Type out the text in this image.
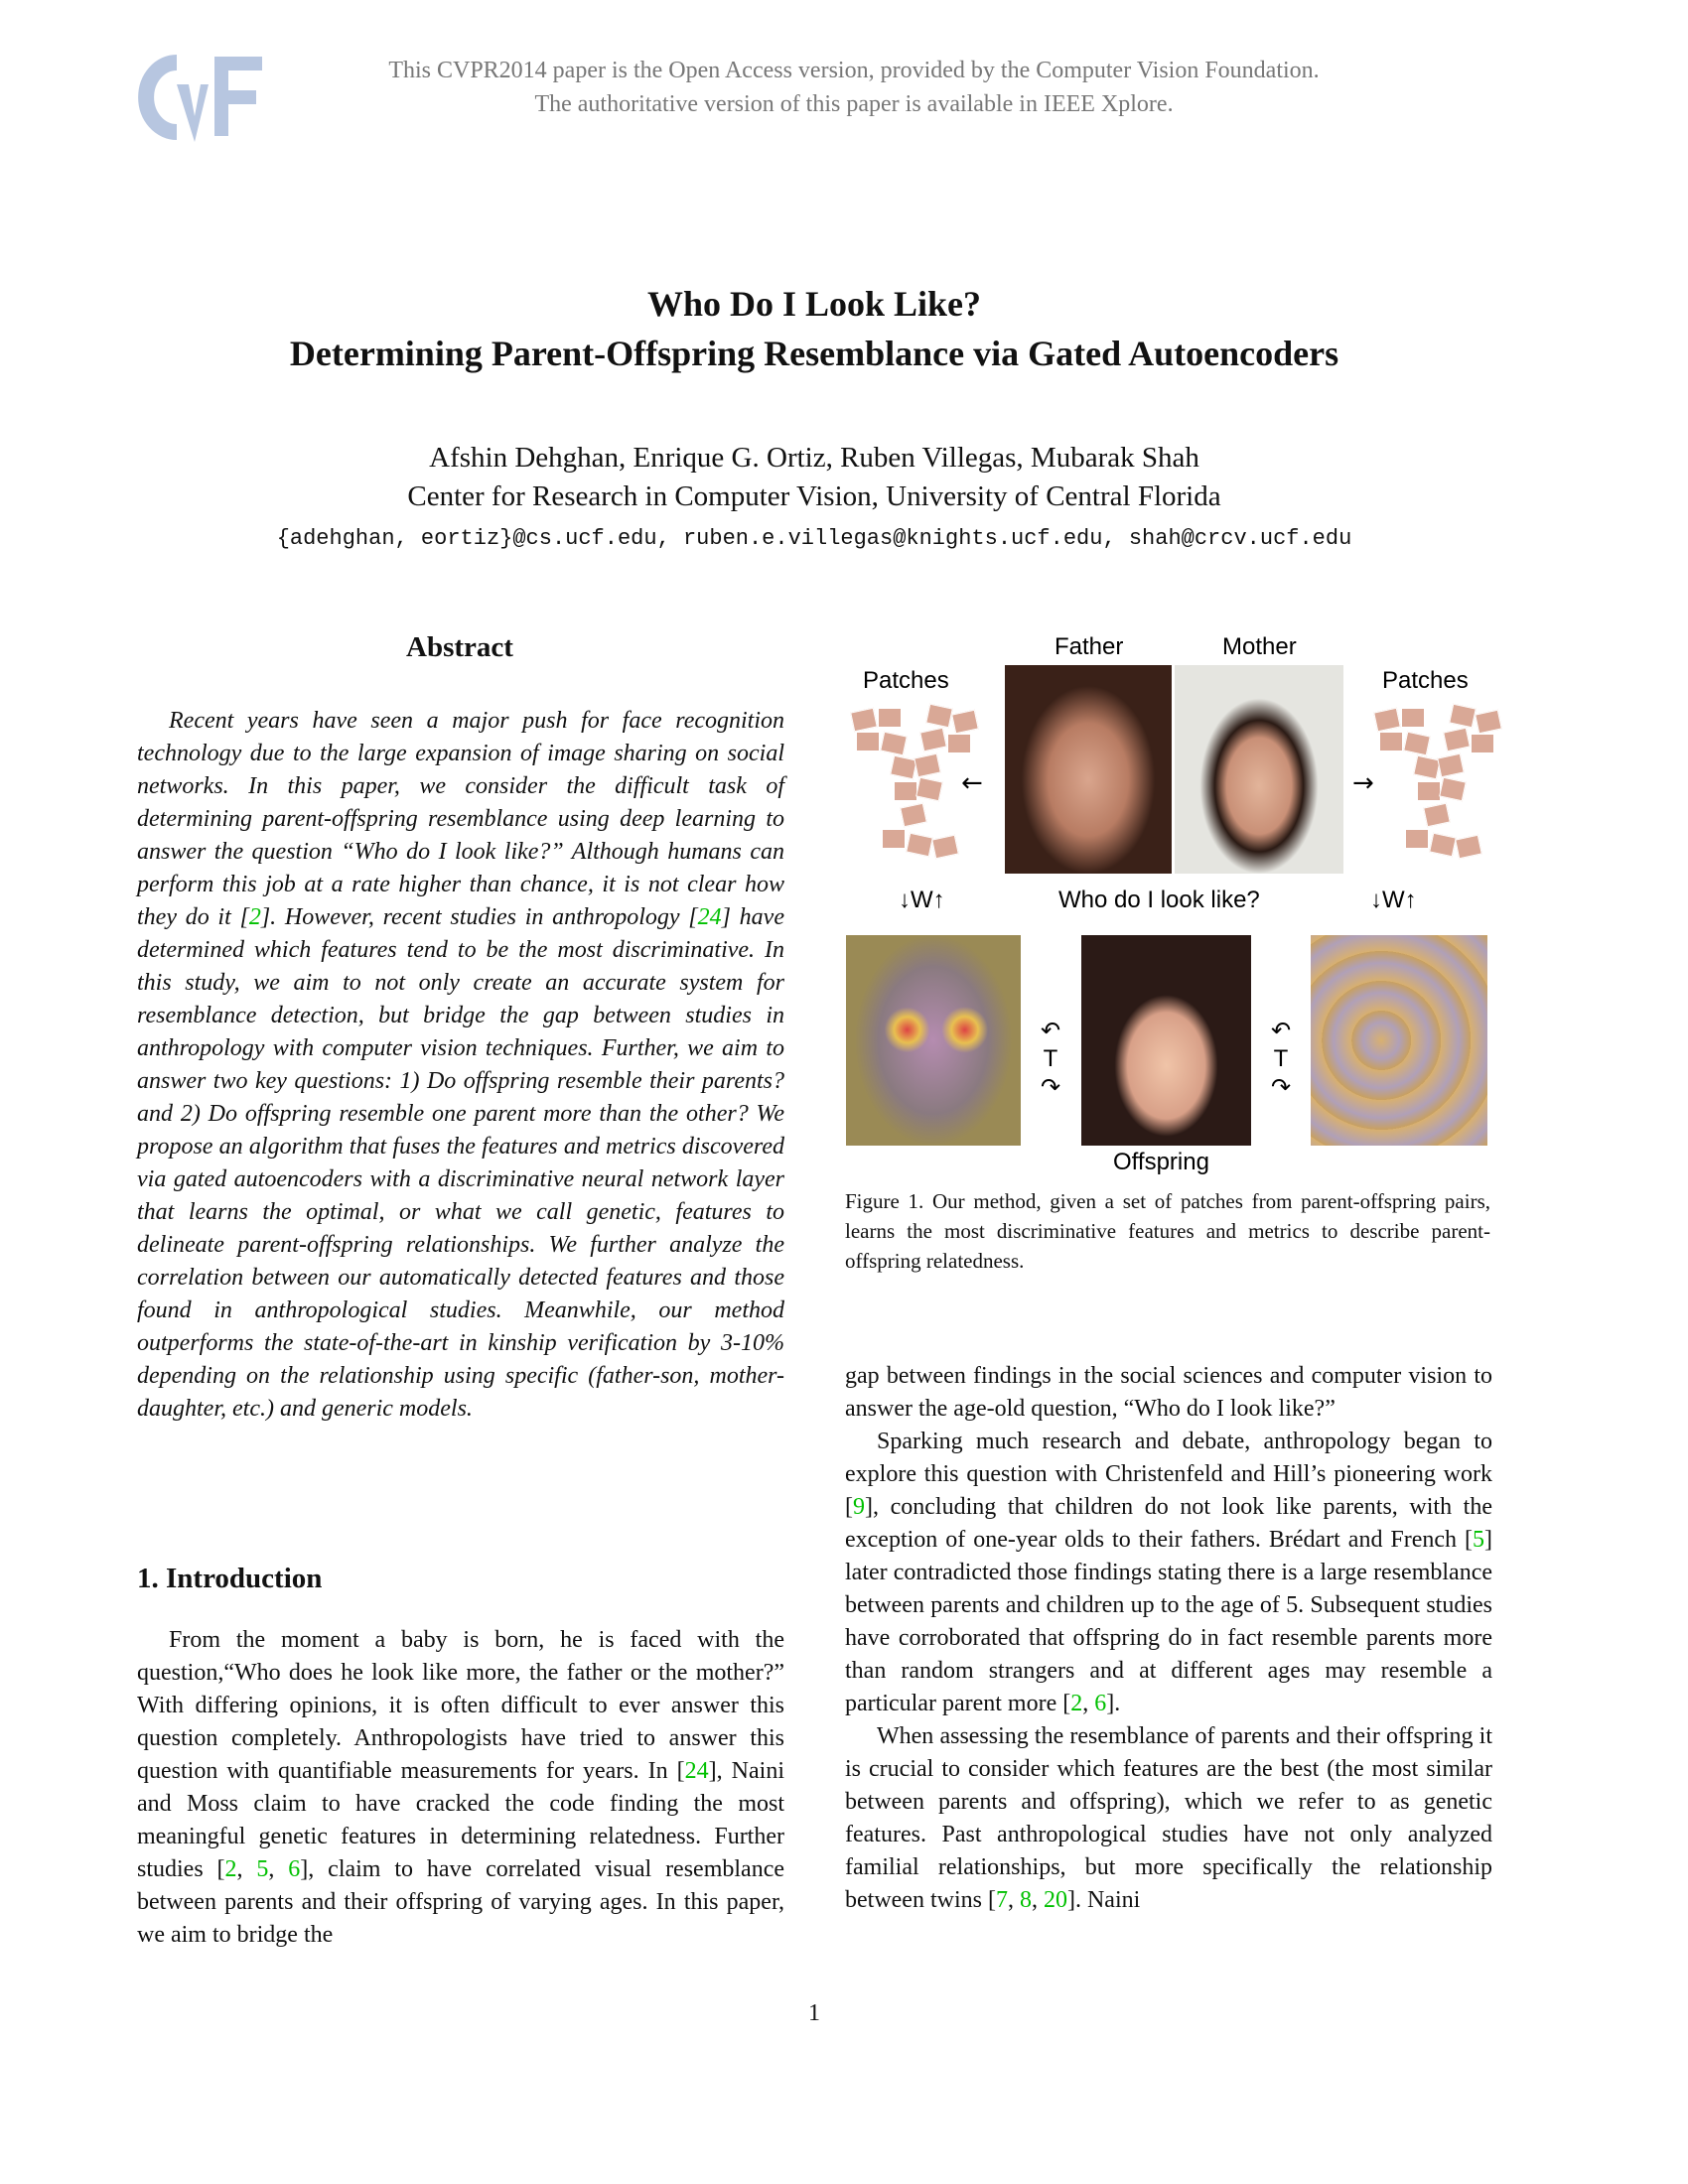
This CVPR2014 paper is the Open Access version, provided by the Computer Vision Foundation.
The authoritative version of this paper is available in IEEE Xplore.
Who Do I Look Like?
Determining Parent-Offspring Resemblance via Gated Autoencoders
Afshin Dehghan, Enrique G. Ortiz, Ruben Villegas, Mubarak Shah
Center for Research in Computer Vision, University of Central Florida
{adehghan, eortiz}@cs.ucf.edu, ruben.e.villegas@knights.ucf.edu, shah@crcv.ucf.edu
Abstract

Recent years have seen a major push for face recognition technology due to the large expansion of image sharing on social networks. In this paper, we consider the difficult task of determining parent-offspring resemblance using deep learning to answer the question “Who do I look like?” Although humans can perform this job at a rate higher than chance, it is not clear how they do it [2]. However, recent studies in anthropology [24] have determined which features tend to be the most discriminative. In this study, we aim to not only create an accurate system for resemblance detection, but bridge the gap between studies in anthropology with computer vision techniques. Further, we aim to answer two key questions: 1) Do offspring resemble their parents? and 2) Do offspring resemble one parent more than the other? We propose an algorithm that fuses the features and metrics discovered via gated autoencoders with a discriminative neural network layer that learns the optimal, or what we call genetic, features to delineate parent-offspring relationships. We further analyze the correlation between our automatically detected features and those found in anthropological studies. Meanwhile, our method outperforms the state-of-the-art in kinship verification by 3-10% depending on the relationship using specific (father-son, mother-daughter, etc.) and generic models.

1. Introduction

From the moment a baby is born, he is faced with the question,“Who does he look like more, the father or the mother?” With differing opinions, it is often difficult to ever answer this question completely. Anthropologists have tried to answer this question with quantifiable measurements for years. In [24], Naini and Moss claim to have cracked the code finding the most meaningful genetic features in determining relatedness. Further studies [2, 5, 6], claim to have correlated visual resemblance between parents and their offspring of varying ages. In this paper, we aim to bridge the

Father	Mother
Patches	Patches
←	→
↓W↑	↓W↑
Who do I look like?
↶
T
↷
↶
T
↷
Offspring
Figure 1. Our method, given a set of patches from parent-offspring pairs, learns the most discriminative features and metrics to describe parent-offspring relatedness.

gap between findings in the social sciences and computer vision to answer the age-old question, “Who do I look like?”

Sparking much research and debate, anthropology began to explore this question with Christenfeld and Hill’s pioneering work [9], concluding that children do not look like parents, with the exception of one-year olds to their fathers. Brédart and French [5] later contradicted those findings stating there is a large resemblance between parents and children up to the age of 5. Subsequent studies have corroborated that offspring do in fact resemble parents more than random strangers and at different ages may resemble a particular parent more [2, 6].

When assessing the resemblance of parents and their offspring it is crucial to consider which features are the best (the most similar between parents and offspring), which we refer to as genetic features. Past anthropological studies have not only analyzed familial relationships, but more specifically the relationship between twins [7, 8, 20]. Naini

1
